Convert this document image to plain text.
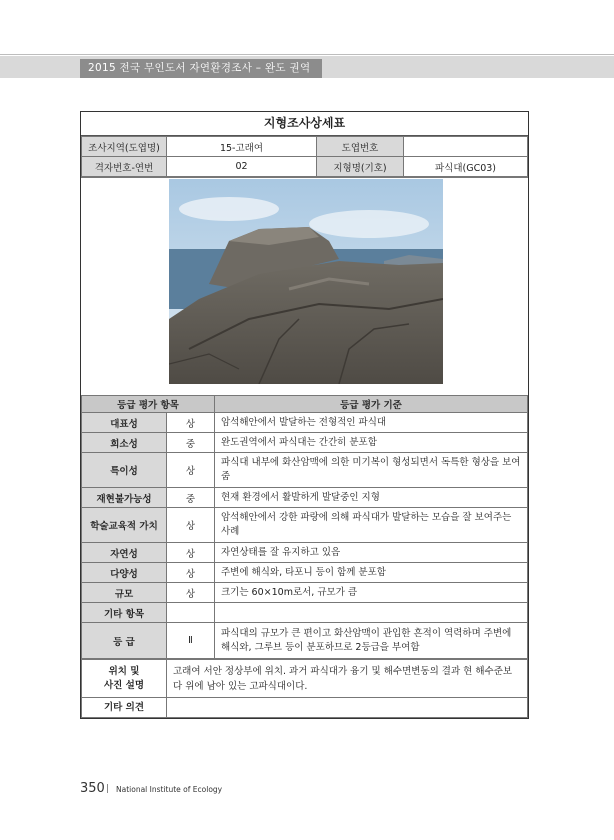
2015 전국 무인도서 자연환경조사 – 완도 권역
지형조사상세표
조사지역(도엽명)	15-고래여	도엽번호	
격자번호-연번	02	지형명(기호)	파식대(GC03)
등급 평가 항목		등급 평가 기준
대표성	상	암석해안에서 발달하는 전형적인 파식대
희소성	중	완도권역에서 파식대는 간간히 분포함
특이성	상	파식대 내부에 화산암맥에 의한 미기복이 형성되면서 독특한 형상을 보여줌
재현불가능성	중	현재 환경에서 활발하게 발달중인 지형
학술교육적 가치	상	암석해안에서 강한 파랑에 의해 파식대가 발달하는 모습을 잘 보여주는 사례
자연성	상	자연상태를 잘 유지하고 있음
다양성	상	주변에 해식와, 타포니 등이 함께 분포함
규모	상	크기는 60×10m로서, 규모가 큼
기타 항목		
등 급	Ⅱ	파식대의 규모가 큰 편이고 화산암맥이 관입한 흔적이 역력하며 주변에 해식와, 그루브 등이 분포하므로 2등급을 부여함
위치 및
사진 설명	고래여 서안 정상부에 위치. 과거 파식대가 융기 및 해수면변동의 결과 현 해수준보다 위에 남아 있는 고파식대이다.
기타 의견	
350 | National Institute of Ecology
